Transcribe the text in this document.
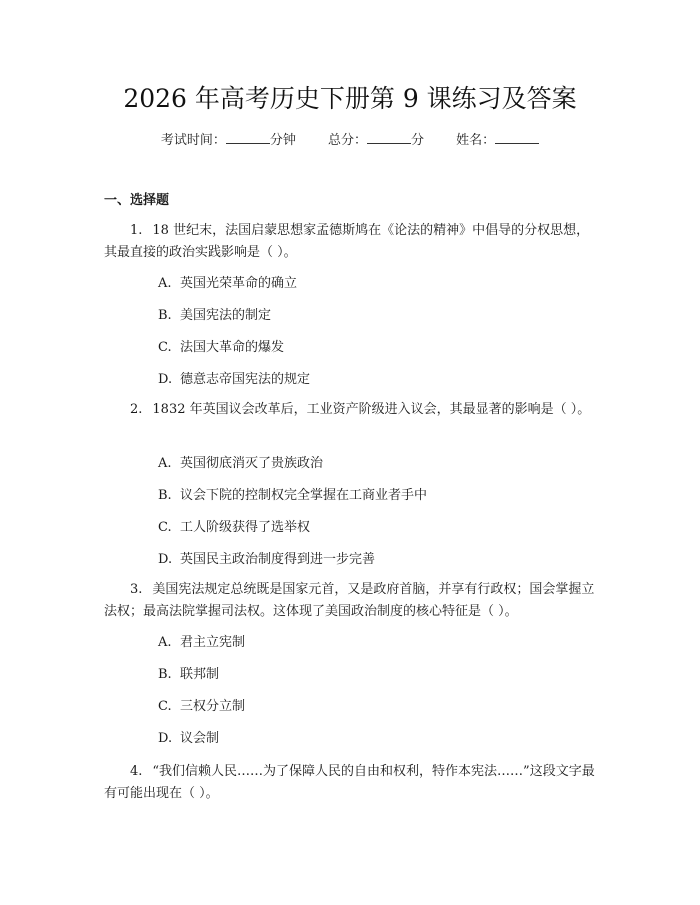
2026 年高考历史下册第 9 课练习及答案
考试时间：	分钟 总分：	分 姓名：
一、选择题
1. 18 世纪末，法国启蒙思想家孟德斯鸠在《论法的精神》中倡导的分权思想，其最直接的政治实践影响是（ ）。
A. 英国光荣革命的确立
B. 美国宪法的制定
C. 法国大革命的爆发
D. 德意志帝国宪法的规定
2. 1832 年英国议会改革后，工业资产阶级进入议会，其最显著的影响是（ ）。
A. 英国彻底消灭了贵族政治
B. 议会下院的控制权完全掌握在工商业者手中
C. 工人阶级获得了选举权
D. 英国民主政治制度得到进一步完善
3. 美国宪法规定总统既是国家元首，又是政府首脑，并享有行政权；国会掌握立法权；最高法院掌握司法权。这体现了美国政治制度的核心特征是（ ）。
A. 君主立宪制
B. 联邦制
C. 三权分立制
D. 议会制
4. “我们信赖人民……为了保障人民的自由和权利，特作本宪法……”这段文字最有可能出现在（ ）。
